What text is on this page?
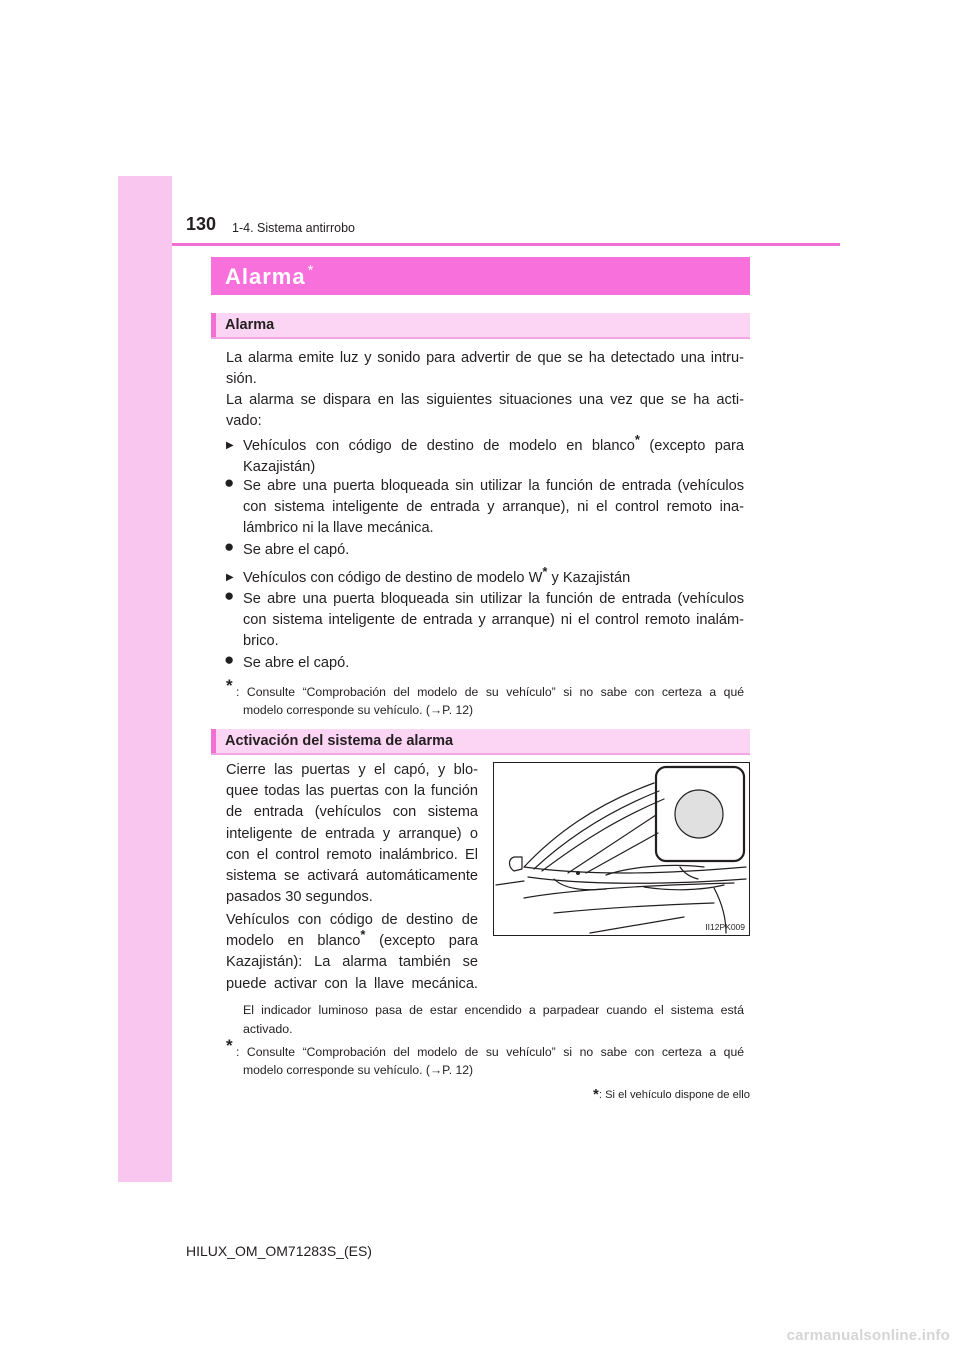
130 1-4. Sistema antirrobo
Alarma *
Alarma
La alarma emite luz y sonido para advertir de que se ha detectado una intru-
sión.
La alarma se dispara en las siguientes situaciones una vez que se ha acti-
vado:
▶ Vehículos con código de destino de modelo en blanco* (excepto para
Kazajistán)
● Se abre una puerta bloqueada sin utilizar la función de entrada (vehículos
con sistema inteligente de entrada y arranque), ni el control remoto ina-
lámbrico ni la llave mecánica.
● Se abre el capó.
▶ Vehículos con código de destino de modelo W* y Kazajistán
● Se abre una puerta bloqueada sin utilizar la función de entrada (vehículos
con sistema inteligente de entrada y arranque) ni el control remoto inalám-
brico.
● Se abre el capó.
* : Consulte “Comprobación del modelo de su vehículo” si no sabe con certeza a qué
modelo corresponde su vehículo. (→P. 12)
Activación del sistema de alarma
Cierre las puertas y el capó, y blo-
quee todas las puertas con la función
de entrada (vehículos con sistema
inteligente de entrada y arranque) o
con el control remoto inalámbrico. El
sistema se activará automáticamente
pasados 30 segundos.
Vehículos con código de destino de
modelo en blanco* (excepto para
Kazajistán): La alarma también se
puede activar con la llave mecánica.
II12PK009
El indicador luminoso pasa de estar encendido a parpadear cuando el sistema está
activado.
* : Consulte “Comprobación del modelo de su vehículo” si no sabe con certeza a qué
modelo corresponde su vehículo. (→P. 12)
*: Si el vehículo dispone de ello
HILUX_OM_OM71283S_(ES)
carmanualsonline.info
